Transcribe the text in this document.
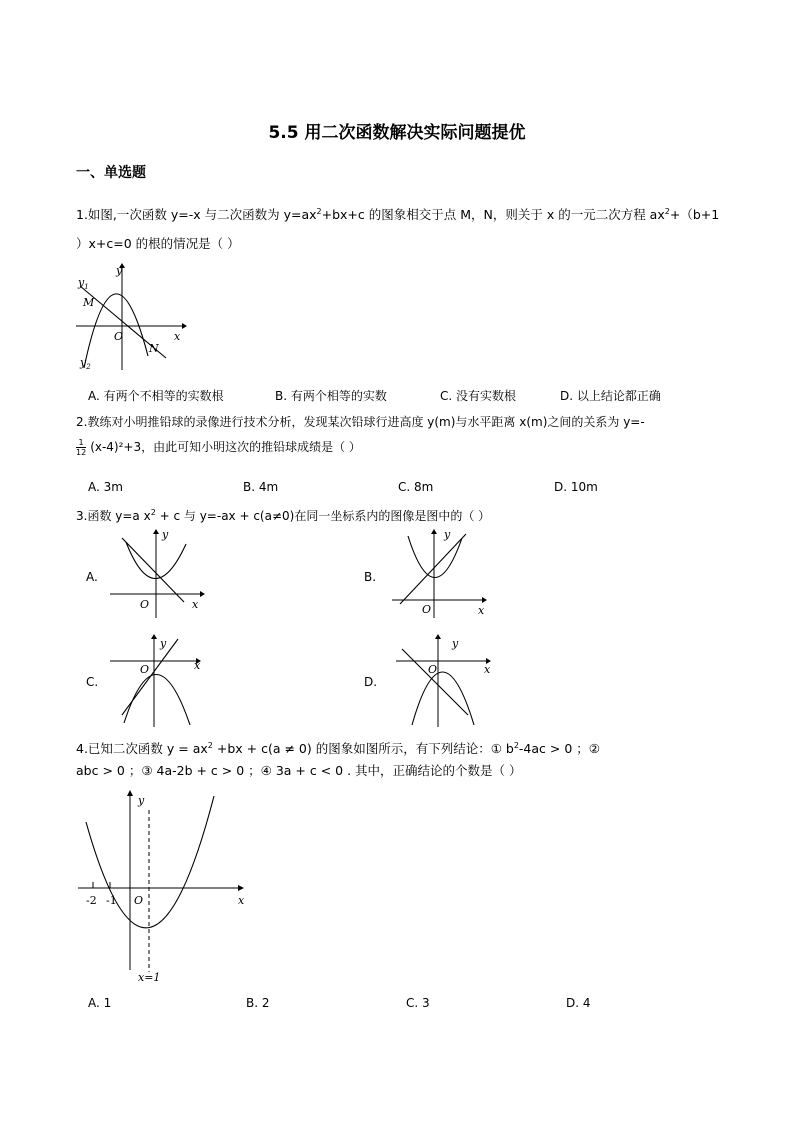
5.5 用二次函数解决实际问题提优
一、单选题
1.如图,一次函数 y=-x 与二次函数为 $y=ax^2+bx+c$ 的图象相交于点 M，N，则关于 x 的一元二次方程 $ax^2+(b+1$
）x+c=0 的根的情况是（ ）
$y_1$
y
M
O	x
N
$y_2$
A. 有两个不相等的实数根	B. 有两个相等的实数	C. 没有实数根	D. 以上结论都正确
2.教练对小明推铅球的录像进行技术分析，发现某次铅球行进高度 y(m)与水平距离 x(m)之间的关系为 y=-
$\frac{1}{12} (x-4)^2+3$，由此可知小明这次的推铅球成绩是（ ）
A. 3m	B. 4m	C. 8m	D. 10m
3.函数 y=a $x^2 + c$ 与 y=-ax + c(a≠0)在同一坐标系内的图像是图中的（ ）
A.
y
O	x
B.
y
O	x
C.
y
O	x
D.
y
O	x
4.已知二次函数 $y = ax^2 +bx + c(a \ne 0)$ 的图象如图所示，有下列结论：① $b^2-4ac > 0$ ；②
abc > 0 ；③ 4a-2b + c > 0 ；④ 3a + c < 0 . 其中，正确结论的个数是（ ）
y
x
O
-2 -1
x=1
A. 1	B. 2	C. 3	D. 4
